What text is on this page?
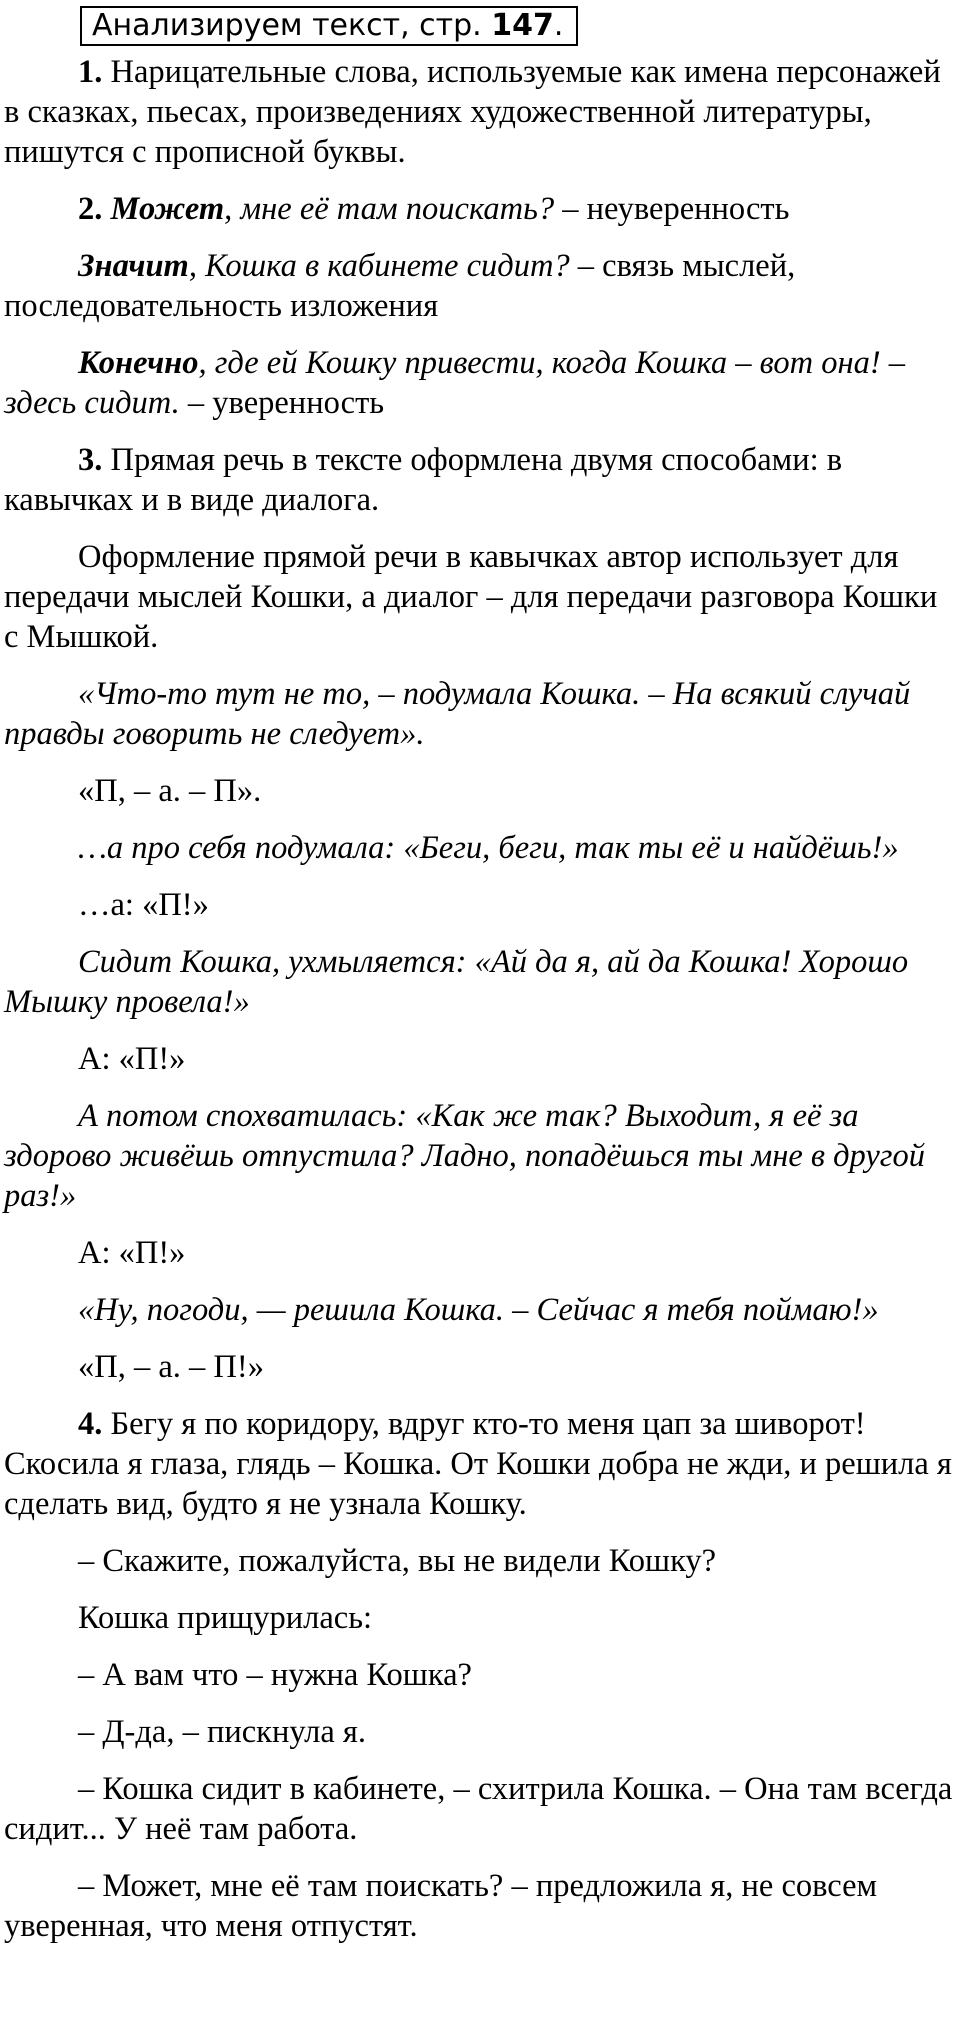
Анализируем текст, стр. 147.

1. Нарицательные слова, используемые как имена персонажей в сказках, пьесах, произведениях художественной литературы, пишутся с прописной буквы.

2. Может, мне её там поискать? – неуверенность

Значит, Кошка в кабинете сидит? – связь мыслей, последовательность изложения

Конечно, где ей Кошку привести, когда Кошка – вот она! – здесь сидит. – уверенность

3. Прямая речь в тексте оформлена двумя способами: в кавычках и в виде диалога.

Оформление прямой речи в кавычках автор использует для передачи мыслей Кошки, а диалог – для передачи разговора Кошки с Мышкой.

«Что-то тут не то, – подумала Кошка. – На всякий случай правды говорить не следует».

«П, – а. – П».

…а про себя подумала: «Беги, беги, так ты её и найдёшь!»

…а: «П!»

Сидит Кошка, ухмыляется: «Ай да я, ай да Кошка! Хорошо Мышку провела!»

А: «П!»

А потом спохватилась: «Как же так? Выходит, я её за здорово живёшь отпустила? Ладно, попадёшься ты мне в другой раз!»

А: «П!»

«Ну, погоди, — решила Кошка. – Сейчас я тебя поймаю!»

«П, – а. – П!»

4. Бегу я по коридору, вдруг кто-то меня цап за шиворот! Скосила я глаза, глядь – Кошка. От Кошки добра не жди, и решила я сделать вид, будто я не узнала Кошку.

– Скажите, пожалуйста, вы не видели Кошку?

Кошка прищурилась:

– А вам что – нужна Кошка?

– Д-да, – пискнула я.

– Кошка сидит в кабинете, – схитрила Кошка. – Она там всегда сидит... У неё там работа.

– Может, мне её там поискать? – предложила я, не совсем уверенная, что меня отпустят.
